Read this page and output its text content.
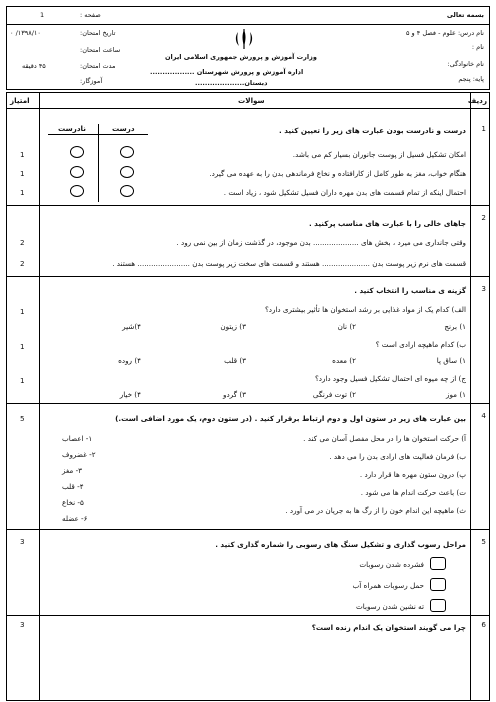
بسمه تعالی
صفحه :
1
تاریخ امتحان:
۱۳۹۸/۱۰/ ۰
ساعت امتحان:
مدت امتحان:
۴۵ دقیقه
آموزگار:
وزارت آموزش و پرورش جمهوری اسلامی ایران
اداره آموزش و پرورش شهرستان ..................
دبستان....................
نام درس: علوم - فصل ۴ و ۵
نام :
نام خانوادگی:
پایه: پنجم
ردیف
سوالات
امتیاز
1
درست و نادرست بودن عبارت های زیر را تعیین کنید .
درست
نادرست
امکان تشکیل فسیل از پوست جانوران بسیار کم می باشد.
هنگام خواب، مغز به طور کامل از کارافتاده و نخاع فرماندهی بدن را به عهده می گیرد.
احتمال اینکه از تمام قسمت های بدن مهره داران فسیل تشکیل شود ، زیاد است .
1
1
1
2
جاهای خالی را با عبارت های مناسب پرکنید .
وقتی جانداری می میرد ، بخش های .................... بدن موجود، در گذشت زمان از بین نمی رود .
قسمت های نرم زیر پوست بدن ..................... هستند و قسمت های سخت زیر پوست بدن ....................... هستند .
2
2
3
گزینه ی مناسب را انتخاب کنید .
الف) کدام یک از مواد غذایی بر رشد استخوان ها تأثیر بیشتری دارد؟
۱) برنج
۲) نان
۳) زیتون
۴)شیر
ب) کدام ماهیچه ارادی است ؟
۱) ساق پا
۲) معده
۳) قلب
۴) روده
ج) از چه میوه ای احتمال تشکیل فسیل وجود دارد؟
۱) موز
۲) توت فرنگی
۳) گردو
۴) خیار
1
1
1
4
بین عبارت های زیر در ستون اول و دوم ارتباط برقرار کنید . (در ستون دوم، یک مورد اضافی است.)
آ) حرکت استخوان ها را در محل مفصل آسان می کند .
ب) فرمان فعالیت های ارادی بدن را می دهد .
پ) درون ستون مهره ها قرار دارد .
ت) باعث حرکت اندام ها می شود .
ث) ماهیچه این اندام خون را از رگ ها به جریان در می آورد .
۱- اعصاب
۲- غضروف
۳- مغز
۴- قلب
۵- نخاع
۶- عضله
5
5
مراحل رسوب گذاری و تشکیل سنگ های رسوبی را شماره گذاری کنید .
فشرده شدن رسوبات
حمل رسوبات همراه آب
ته نشین شدن رسوبات
3
6
چرا می گویند استخوان یک اندام زنده است؟
3
